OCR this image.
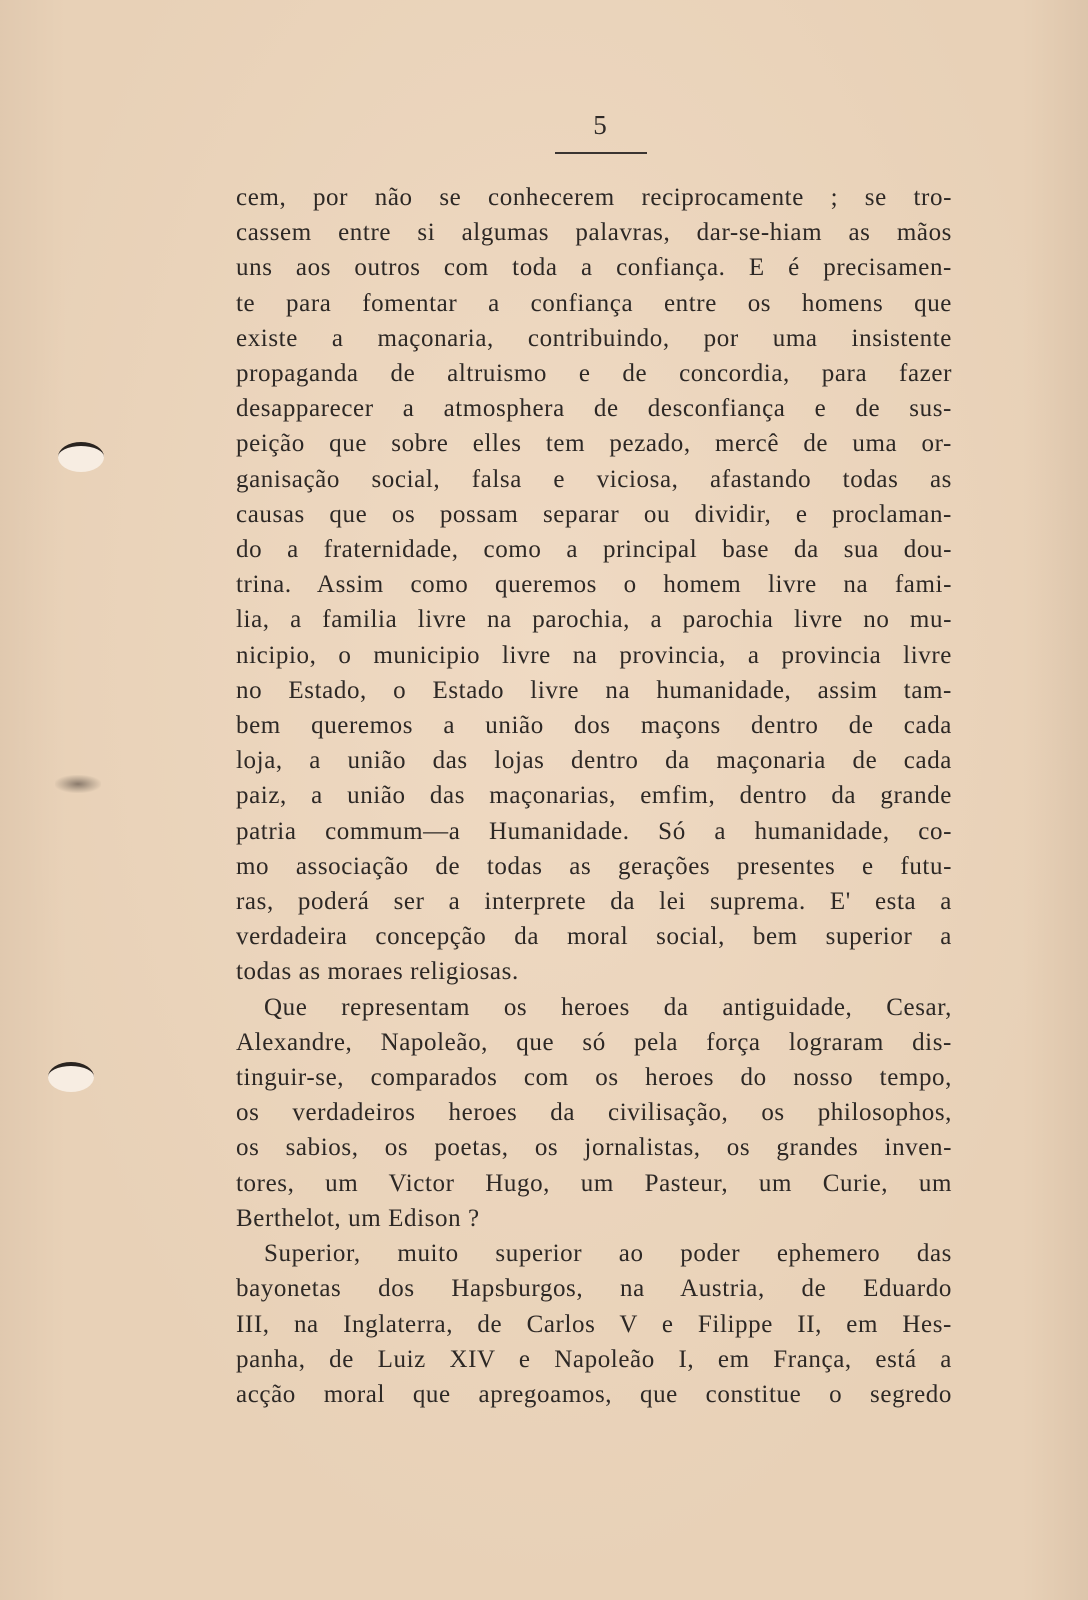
5

cem, por não se conhecerem reciprocamente ; se tro-
cassem entre si algumas palavras, dar-se-hiam as mãos
uns aos outros com toda a confiança. E é precisamen-
te para fomentar a confiança entre os homens que
existe a maçonaria, contribuindo, por uma insistente
propaganda de altruismo e de concordia, para fazer
desapparecer a atmosphera de desconfiança e de sus-
peição que sobre elles tem pezado, mercê de uma or-
ganisação social, falsa e viciosa, afastando todas as
causas que os possam separar ou dividir, e proclaman-
do a fraternidade, como a principal base da sua dou-
trina. Assim como queremos o homem livre na fami-
lia, a familia livre na parochia, a parochia livre no mu-
nicipio, o municipio livre na provincia, a provincia livre
no Estado, o Estado livre na humanidade, assim tam-
bem queremos a união dos maçons dentro de cada
loja, a união das lojas dentro da maçonaria de cada
paiz, a união das maçonarias, emfim, dentro da grande
patria commum—a Humanidade. Só a humanidade, co-
mo associação de todas as gerações presentes e futu-
ras, poderá ser a interprete da lei suprema. E' esta a
verdadeira concepção da moral social, bem superior a
todas as moraes religiosas.

Que representam os heroes da antiguidade, Cesar,
Alexandre, Napoleão, que só pela força lograram dis-
tinguir-se, comparados com os heroes do nosso tempo,
os verdadeiros heroes da civilisação, os philosophos,
os sabios, os poetas, os jornalistas, os grandes inven-
tores, um Victor Hugo, um Pasteur, um Curie, um
Berthelot, um Edison ?

Superior, muito superior ao poder ephemero das
bayonetas dos Hapsburgos, na Austria, de Eduardo
III, na Inglaterra, de Carlos V e Filippe II, em Hes-
panha, de Luiz XIV e Napoleão I, em França, está a
acção moral que apregoamos, que constitue o segredo
